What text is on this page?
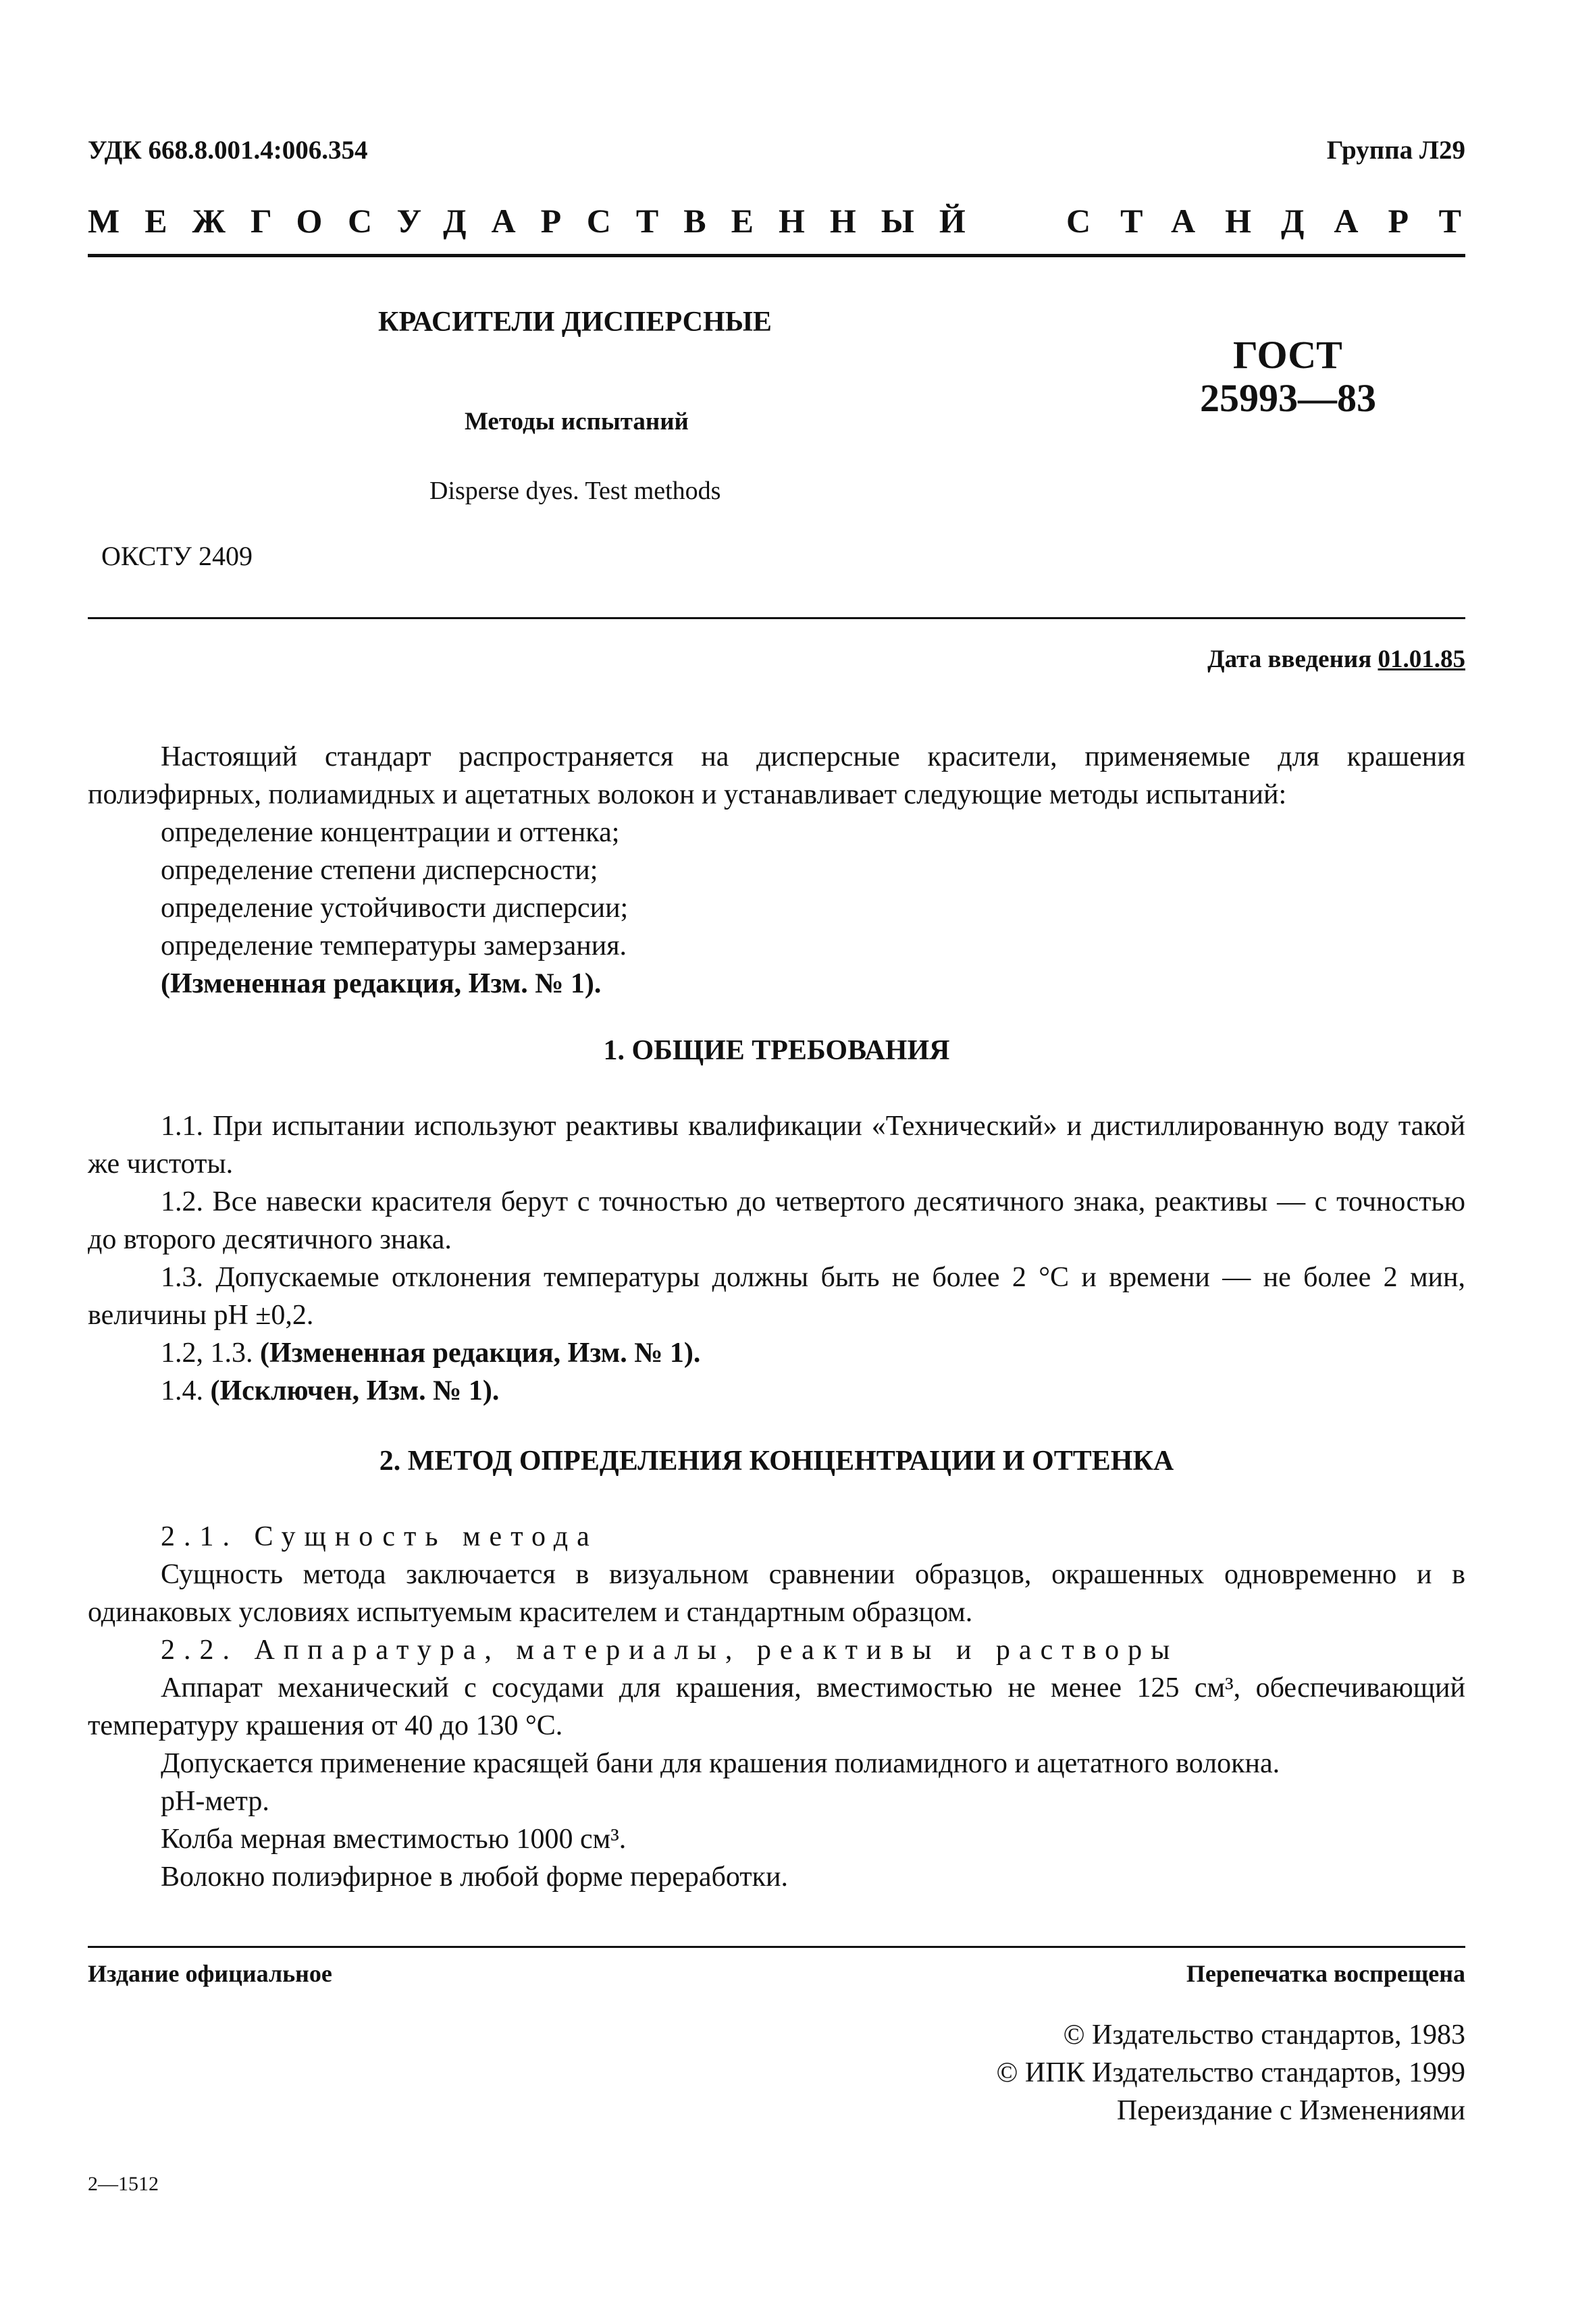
УДК 668.8.001.4:006.354	Группа Л29
МЕЖГОСУДАРСТВЕННЫЙ СТАНДАРТ
КРАСИТЕЛИ ДИСПЕРСНЫЕ
Методы испытаний
Disperse dyes. Test methods
ГОСТ
25993—83
ОКСТУ 2409
Дата введения 01.01.85
Настоящий стандарт распространяется на дисперсные красители, применяемые для крашения полиэфирных, полиамидных и ацетатных волокон и устанавливает следующие методы испытаний:
определение концентрации и оттенка;
определение степени дисперсности;
определение устойчивости дисперсии;
определение температуры замерзания.
(Измененная редакция, Изм. № 1).
1. ОБЩИЕ ТРЕБОВАНИЯ
1.1. При испытании используют реактивы квалификации «Технический» и дистиллированную воду такой же чистоты.
1.2. Все навески красителя берут с точностью до четвертого десятичного знака, реактивы — с точностью до второго десятичного знака.
1.3. Допускаемые отклонения температуры должны быть не более 2 °С и времени — не более 2 мин, величины pH ±0,2.
1.2, 1.3. (Измененная редакция, Изм. № 1).
1.4. (Исключен, Изм. № 1).
2. МЕТОД ОПРЕДЕЛЕНИЯ КОНЦЕНТРАЦИИ И ОТТЕНКА
2.1. Сущность метода
Сущность метода заключается в визуальном сравнении образцов, окрашенных одновременно и в одинаковых условиях испытуемым красителем и стандартным образцом.
2.2. Аппаратура, материалы, реактивы и растворы
Аппарат механический с сосудами для крашения, вместимостью не менее 125 см³, обеспечивающий температуру крашения от 40 до 130 °С.
Допускается применение красящей бани для крашения полиамидного и ацетатного волокна.
pH-метр.
Колба мерная вместимостью 1000 см³.
Волокно полиэфирное в любой форме переработки.
Издание официальное	Перепечатка воспрещена
© Издательство стандартов, 1983
© ИПК Издательство стандартов, 1999
Переиздание с Изменениями
2—1512
